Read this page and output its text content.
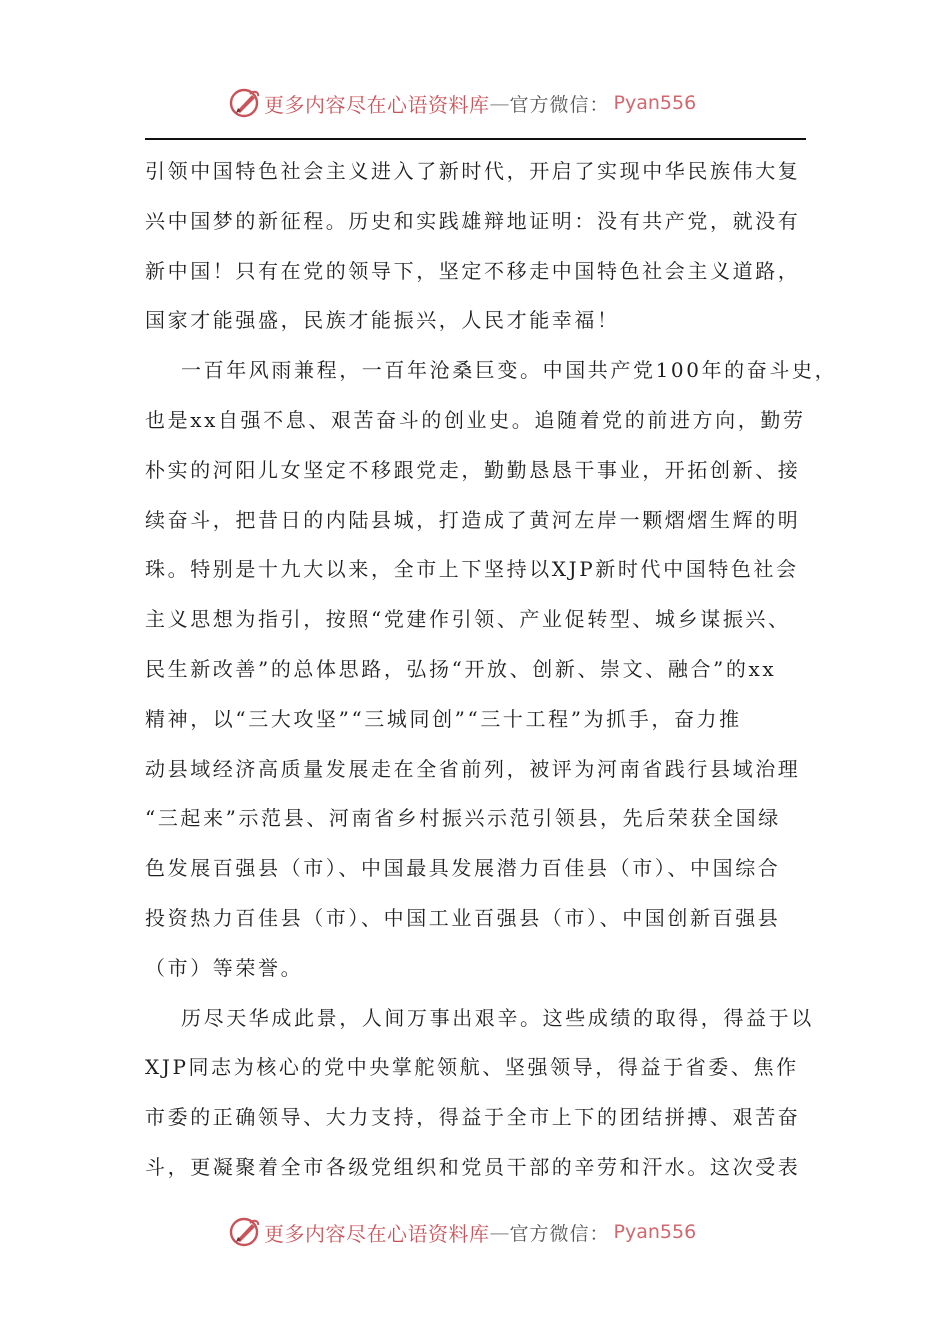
更多内容尽在心语资料库 — 官方微信： Pyan556
引领中国特色社会主义进入了新时代，开启了实现中华民族伟大复
兴中国梦的新征程。历史和实践雄辩地证明：没有共产党，就没有
新中国！只有在党的领导下，坚定不移走中国特色社会主义道路，
国家才能强盛，民族才能振兴，人民才能幸福！
一百年风雨兼程，一百年沧桑巨变。中国共产党100年的奋斗史，
也是xx自强不息、艰苦奋斗的创业史。追随着党的前进方向，勤劳
朴实的河阳儿女坚定不移跟党走，勤勤恳恳干事业，开拓创新、接
续奋斗，把昔日的内陆县城，打造成了黄河左岸一颗熠熠生辉的明
珠。特别是十九大以来，全市上下坚持以XJP新时代中国特色社会
主义思想为指引，按照“党建作引领、产业促转型、城乡谋振兴、
民生新改善”的总体思路，弘扬“开放、创新、崇文、融合”的xx
精神，以“三大攻坚”“三城同创”“三十工程”为抓手，奋力推
动县域经济高质量发展走在全省前列，被评为河南省践行县域治理
“三起来”示范县、河南省乡村振兴示范引领县，先后荣获全国绿
色发展百强县（市）、中国最具发展潜力百佳县（市）、中国综合
投资热力百佳县（市）、中国工业百强县（市）、中国创新百强县
（市）等荣誉。
历尽天华成此景，人间万事出艰辛。这些成绩的取得，得益于以
XJP同志为核心的党中央掌舵领航、坚强领导，得益于省委、焦作
市委的正确领导、大力支持，得益于全市上下的团结拼搏、艰苦奋
斗，更凝聚着全市各级党组织和党员干部的辛劳和汗水。这次受表
更多内容尽在心语资料库 — 官方微信： Pyan556
